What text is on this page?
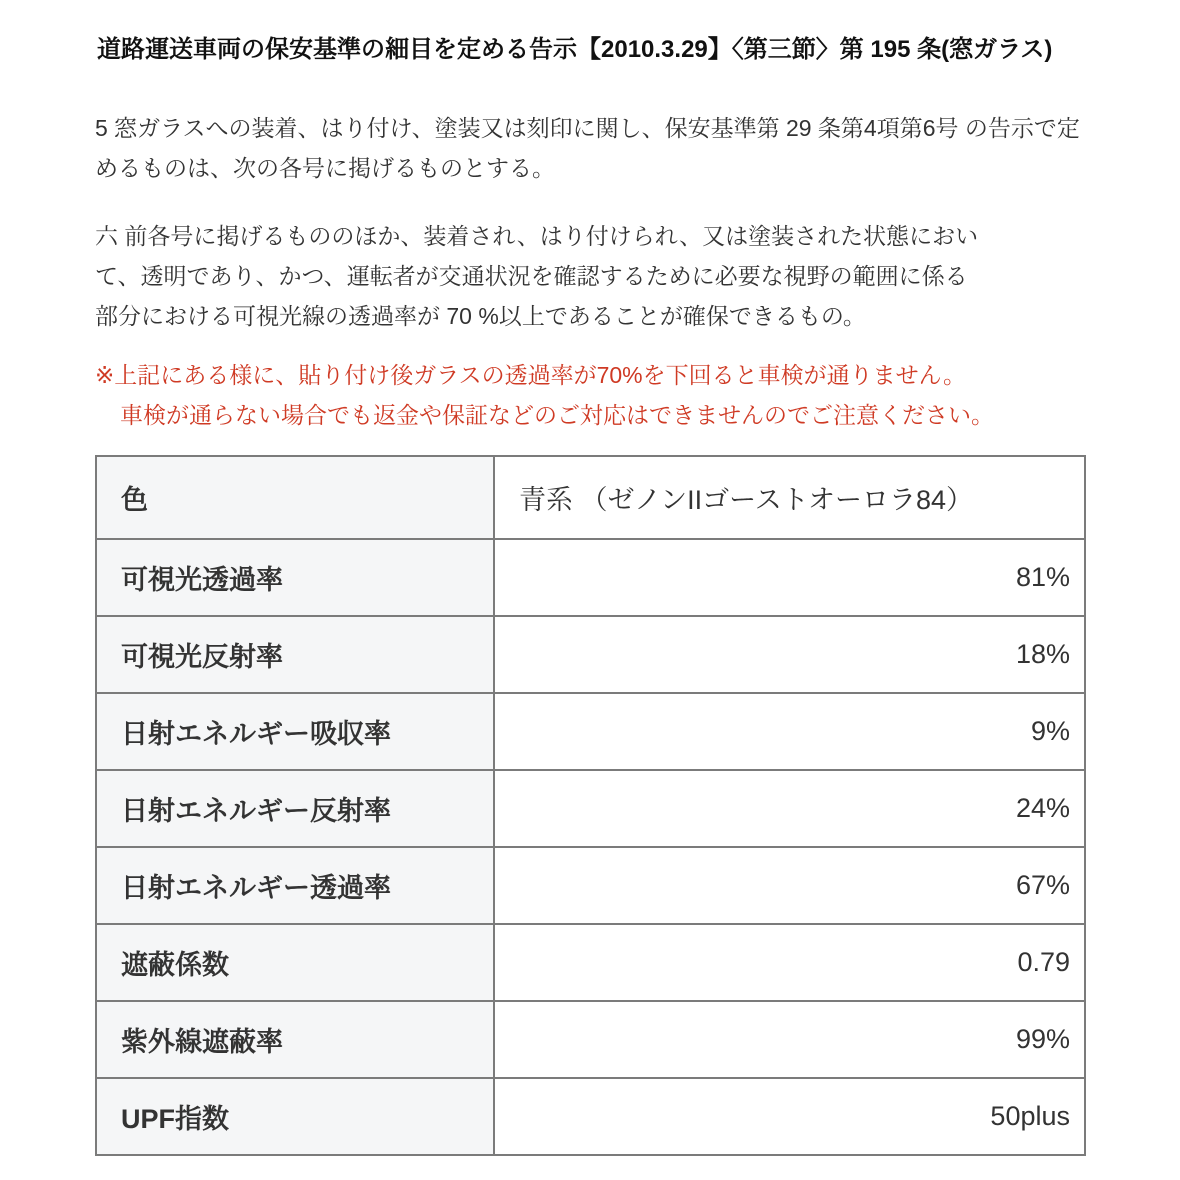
道路運送車両の保安基準の細目を定める告示【2010.3.29】〈第三節〉第 195 条(窓ガラス)
5 窓ガラスへの装着、はり付け、塗装又は刻印に関し、保安基準第 29 条第4項第6号 の告示で定
めるものは、次の各号に掲げるものとする。
六 前各号に掲げるもののほか、装着され、はり付けられ、又は塗装された状態におい
て、透明であり、かつ、運転者が交通状況を確認するために必要な視野の範囲に係る
部分における可視光線の透過率が 70 %以上であることが確保できるもの。
※上記にある様に、貼り付け後ガラスの透過率が70%を下回ると車検が通りません。
車検が通らない場合でも返金や保証などのご対応はできませんのでご注意ください。
色	青系 （ゼノンIIゴーストオーロラ84）
可視光透過率	81%
可視光反射率	18%
日射エネルギー吸収率	9%
日射エネルギー反射率	24%
日射エネルギー透過率	67%
遮蔽係数	0.79
紫外線遮蔽率	99%
UPF指数	50plus
